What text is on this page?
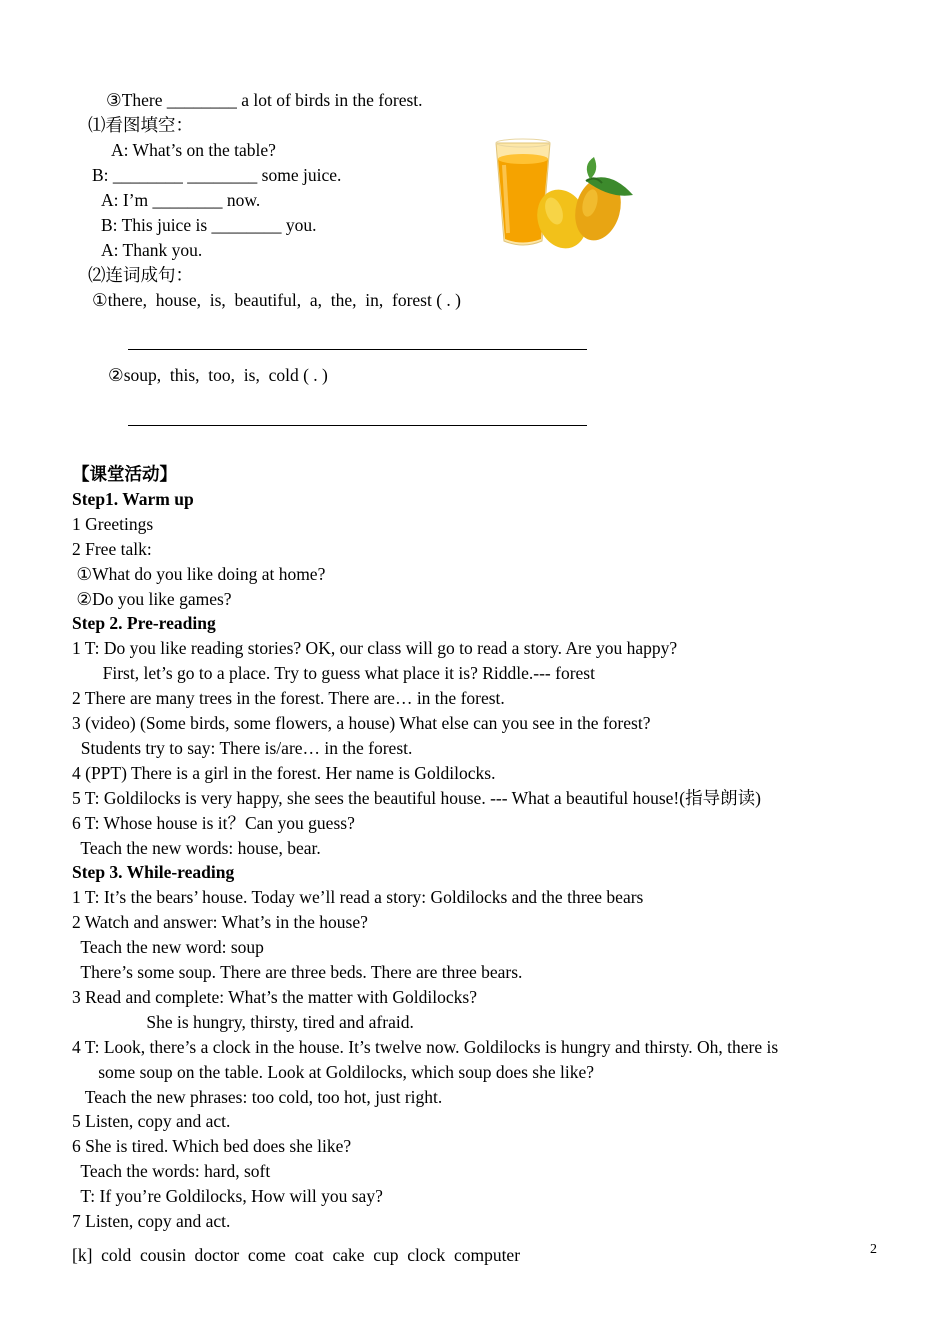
③There ________ a lot of birds in the forest.
⑴看图填空：
A: What’s on the table?
B: ________ ________ some juice.
A: I’m ________ now.
B: This juice is ________ you.
A: Thank you.
⑵连词成句：
①there,  house,  is,  beautiful,  a,  the,  in,  forest ( . )
②soup,  this,  too,  is,  cold ( . )
【课堂活动】
Step1. Warm up
1 Greetings
2 Free talk:
①What do you like doing at home?
②Do you like games?
Step 2. Pre-reading
1 T: Do you like reading stories? OK, our class will go to read a story. Are you happy?
First, let’s go to a place. Try to guess what place it is? Riddle.--- forest
2 There are many trees in the forest. There are… in the forest.
3 (video) (Some birds, some flowers, a house) What else can you see in the forest?
Students try to say: There is/are… in the forest.
4 (PPT) There is a girl in the forest. Her name is Goldilocks.
5 T: Goldilocks is very happy, she sees the beautiful house. --- What a beautiful house!(指导朗读)
6 T: Whose house is it？Can you guess?
Teach the new words: house, bear.
Step 3. While-reading
1 T: It’s the bears’ house. Today we’ll read a story: Goldilocks and the three bears
2 Watch and answer: What’s in the house?
Teach the new word: soup
There’s some soup. There are three beds. There are three bears.
3 Read and complete: What’s the matter with Goldilocks?
She is hungry, thirsty, tired and afraid.
4 T: Look, there’s a clock in the house. It’s twelve now. Goldilocks is hungry and thirsty. Oh, there is
some soup on the table. Look at Goldilocks, which soup does she like?
Teach the new phrases: too cold, too hot, just right.
5 Listen, copy and act.
6 She is tired. Which bed does she like?
Teach the words: hard, soft
T: If you’re Goldilocks, How will you say?
7 Listen, copy and act.
[k]  cold  cousin  doctor  come  coat  cake  cup  clock  computer	2
